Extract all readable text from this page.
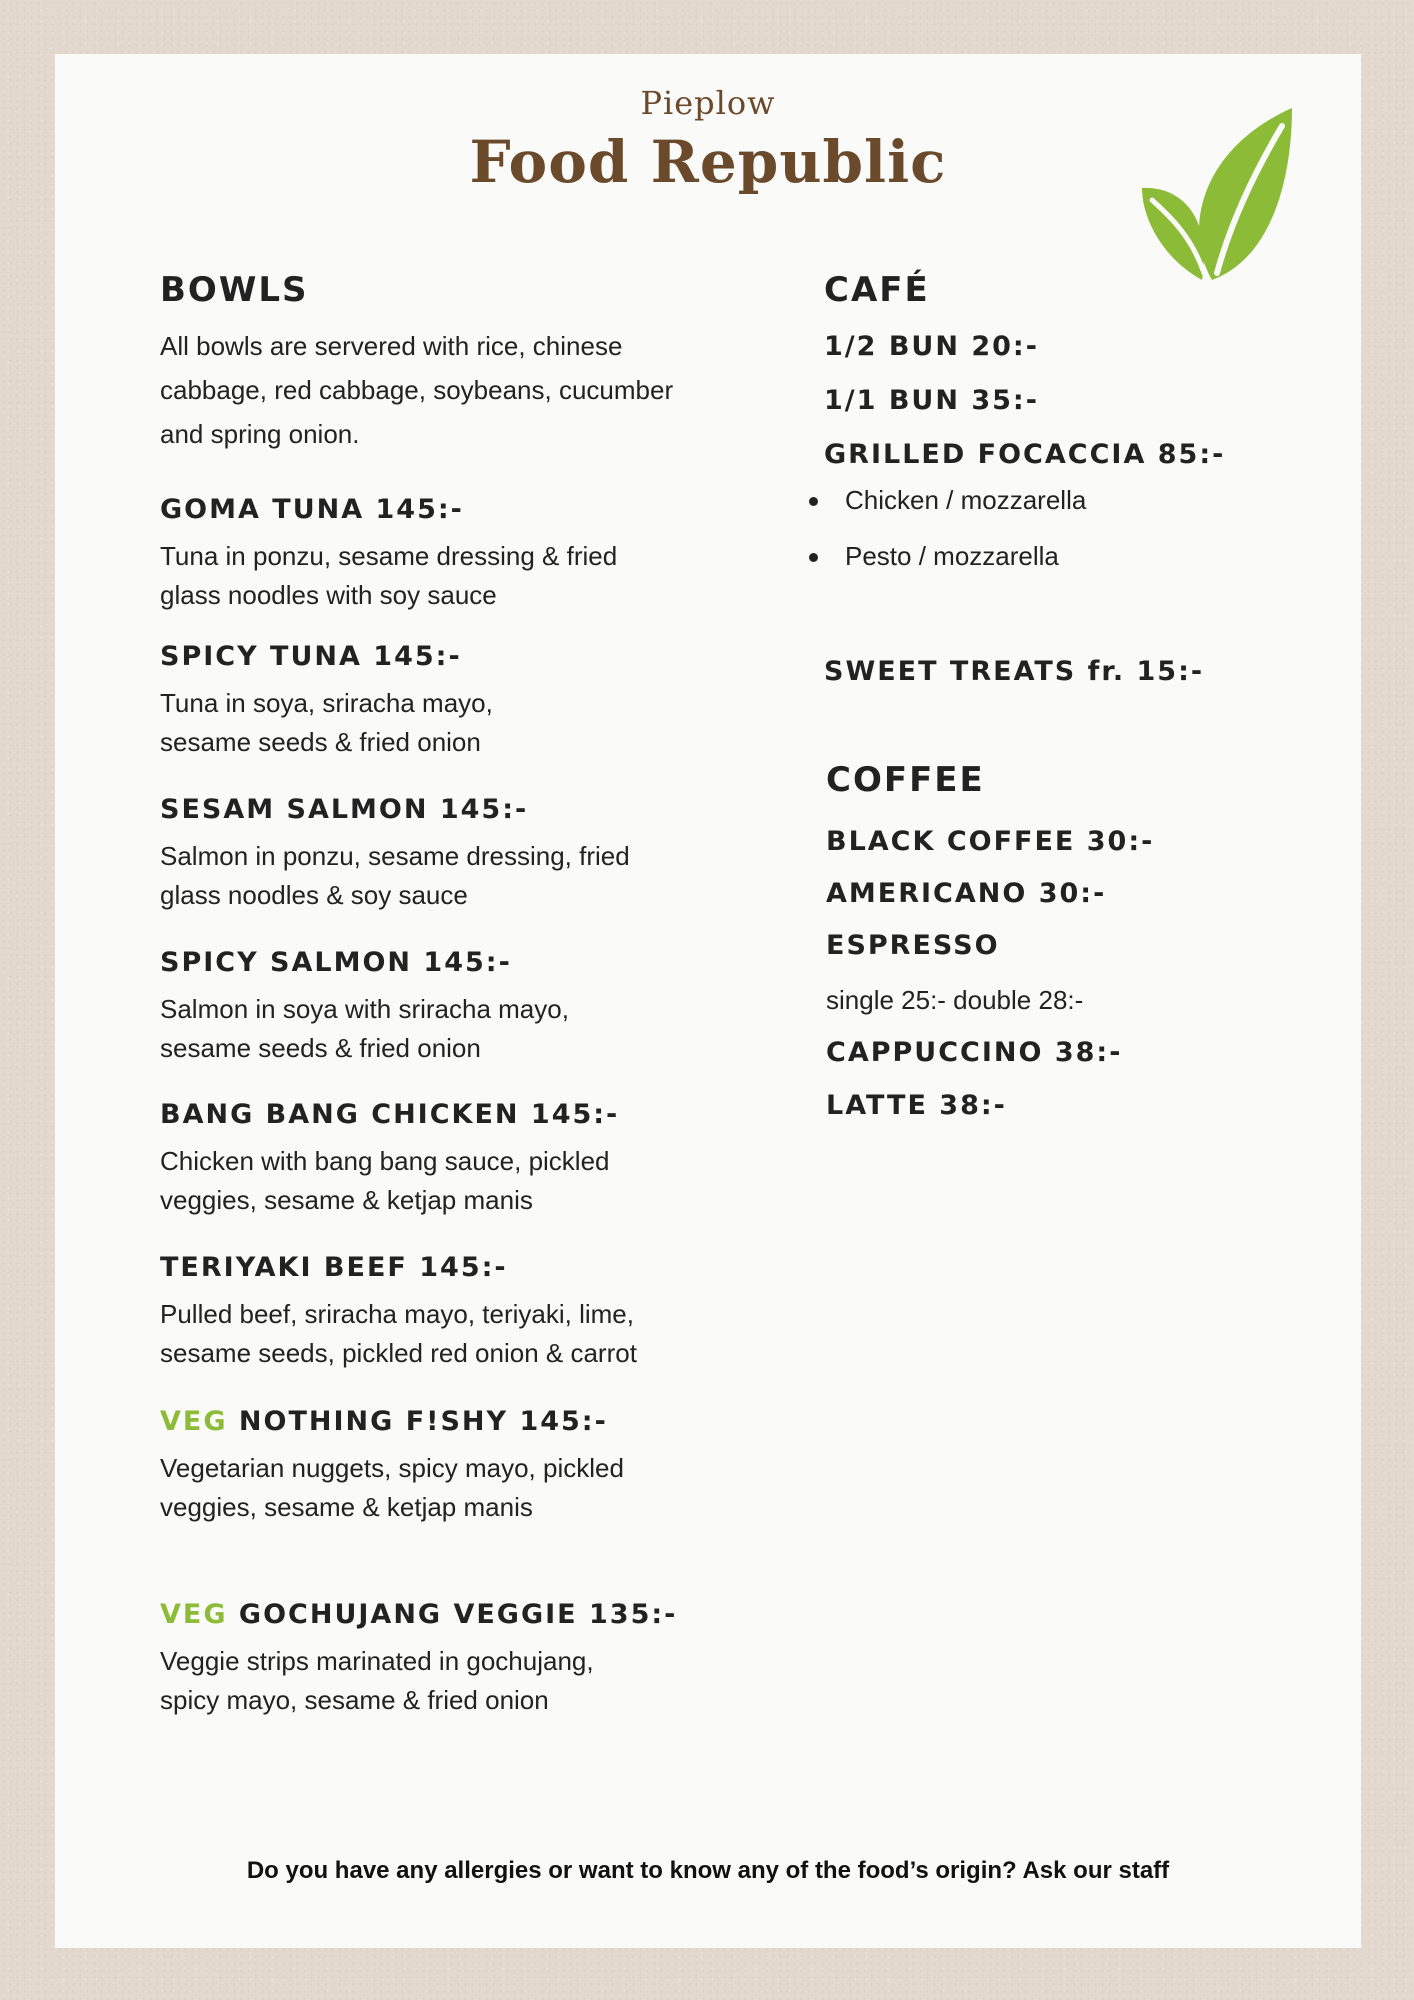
Pieplow
Food Republic
BOWLS
All bowls are servered with rice, chinese
cabbage, red cabbage, soybeans, cucumber
and spring onion.
GOMA TUNA 145:-
Tuna in ponzu, sesame dressing & fried
glass noodles with soy sauce
SPICY TUNA 145:-
Tuna in soya, sriracha mayo,
sesame seeds & fried onion
SESAM SALMON 145:-
Salmon in ponzu, sesame dressing, fried
glass noodles & soy sauce
SPICY SALMON 145:-
Salmon in soya with sriracha mayo,
sesame seeds & fried onion
BANG BANG CHICKEN 145:-
Chicken with bang bang sauce, pickled
veggies, sesame & ketjap manis
TERIYAKI BEEF 145:-
Pulled beef, sriracha mayo, teriyaki, lime,
sesame seeds, pickled red onion & carrot
VEG NOTHING F!SHY 145:-
Vegetarian nuggets, spicy mayo, pickled
veggies, sesame & ketjap manis
VEG GOCHUJANG VEGGIE 135:-
Veggie strips marinated in gochujang,
spicy mayo, sesame & fried onion
CAFÉ
1/2 BUN 20:-
1/1 BUN 35:-
GRILLED FOCACCIA 85:-
Chicken / mozzarella
Pesto / mozzarella
SWEET TREATS fr. 15:-
COFFEE
BLACK COFFEE 30:-
AMERICANO 30:-
ESPRESSO
single 25:- double 28:-
CAPPUCCINO 38:-
LATTE 38:-
Do you have any allergies or want to know any of the food’s origin? Ask our staff
